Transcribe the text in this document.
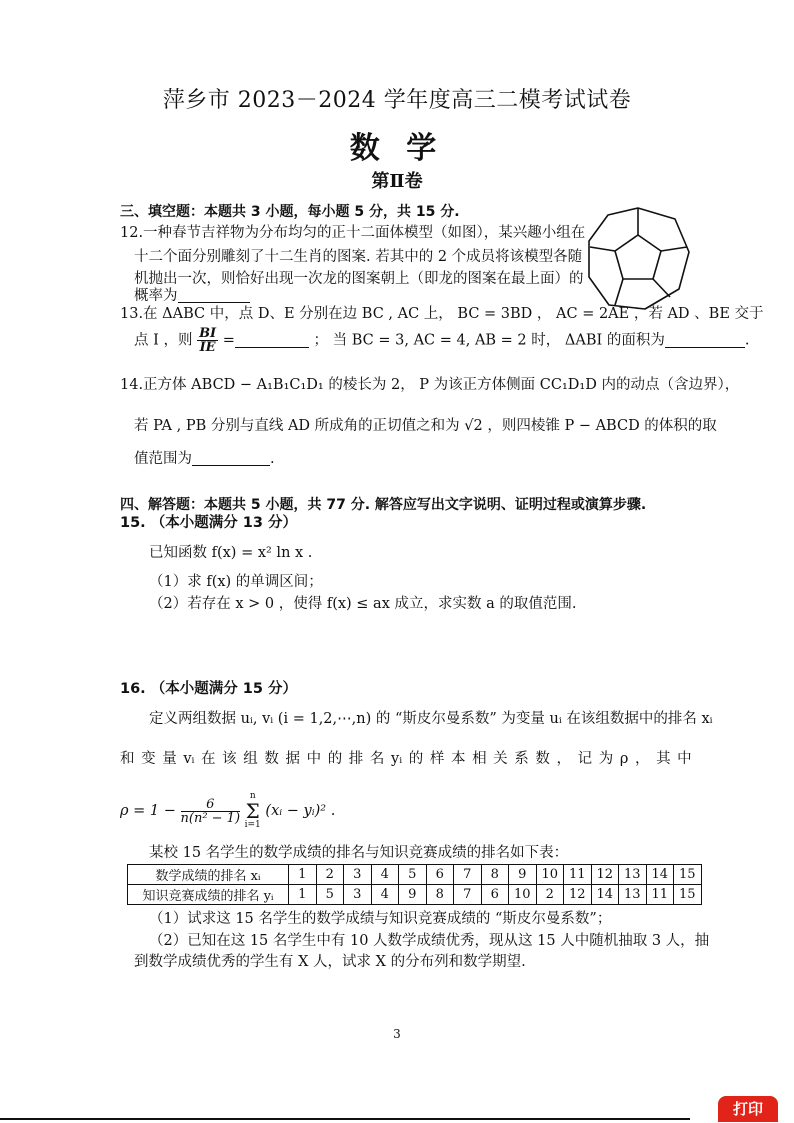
萍乡市 2023－2024 学年度高三二模考试试卷
数 学
第Ⅱ卷
三、填空题：本题共 3 小题，每小题 5 分，共 15 分.
12.一种春节吉祥物为分布均匀的正十二面体模型（如图），某兴趣小组在
十二个面分别雕刻了十二生肖的图案. 若其中的 2 个成员将该模型各随
机抛出一次，则恰好出现一次龙的图案朝上（即龙的图案在最上面）的
概率为
13.在 ΔABC 中，点 D、E 分别在边 BC , AC 上， BC = 3BD ， AC = 2AE ，若 AD 、BE 交于
点 I ，则 $\frac{BI}{IE}$ =	； 当 BC = 3, AC = 4, AB = 2 时， ΔABI 的面积为	.
14.正方体 ABCD − A₁B₁C₁D₁ 的棱长为 2， P 为该正方体侧面 CC₁D₁D 内的动点（含边界），
若 PA , PB 分别与直线 AD 所成角的正切值之和为 √2 ，则四棱锥 P − ABCD 的体积的取
值范围为	.
四、解答题：本题共 5 小题，共 77 分. 解答应写出文字说明、证明过程或演算步骤.
15. （本小题满分 13 分）
已知函数 f(x) = x² ln x .
（1）求 f(x) 的单调区间；
（2）若存在 x > 0 ，使得 f(x) ≤ ax 成立，求实数 a 的取值范围.
16. （本小题满分 15 分）
定义两组数据 uᵢ, vᵢ (i = 1,2,⋯,n) 的 “斯皮尔曼系数” 为变量 uᵢ 在该组数据中的排名 xᵢ
和 变 量 vᵢ 在 该 组 数 据 中 的 排 名 yᵢ 的 样 本 相 关 系 数 ， 记 为 ρ ， 其 中
$\rho = 1 - \frac{6}{\text{n(n² − 1)}}$

n
Σ
i=1
(xᵢ − yᵢ)² .
某校 15 名学生的数学成绩的排名与知识竞赛成绩的排名如下表：
数学成绩的排名 xᵢ	1	2	3	4	5	6	7	8	9	10	11	12	13	14	15
知识竞赛成绩的排名 yᵢ	1	5	3	4	9	8	7	6	10	2	12	14	13	11	15
（1）试求这 15 名学生的数学成绩与知识竞赛成绩的 “斯皮尔曼系数”；
（2）已知在这 15 名学生中有 10 人数学成绩优秀，现从这 15 人中随机抽取 3 人，抽
到数学成绩优秀的学生有 X 人，试求 X 的分布列和数学期望.
3
打印
